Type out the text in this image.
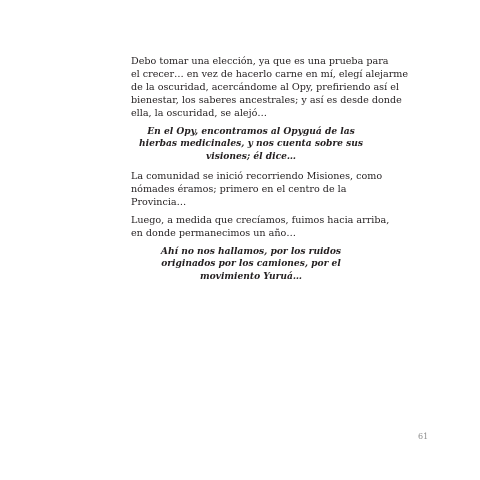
Debo tomar una elección, ya que es una prueba para
el crecer… en vez de hacerlo carne en mí, elegí alejarme
de la oscuridad, acercándome al Opy, prefiriendo así el
bienestar, los saberes ancestrales; y así es desde donde
ella, la oscuridad, se alejó…

En el Opy, encontramos al Opyguá de las
hierbas medicinales, y nos cuenta sobre sus
visiones; él dice…

La comunidad se inició recorriendo Misiones, como
nómades éramos; primero en el centro de la
Provincia…

Luego, a medida que crecíamos, fuimos hacia arriba,
en donde permanecimos un año…

Ahí no nos hallamos, por los ruidos
originados por los camiones, por el
movimiento Yuruá…

61
